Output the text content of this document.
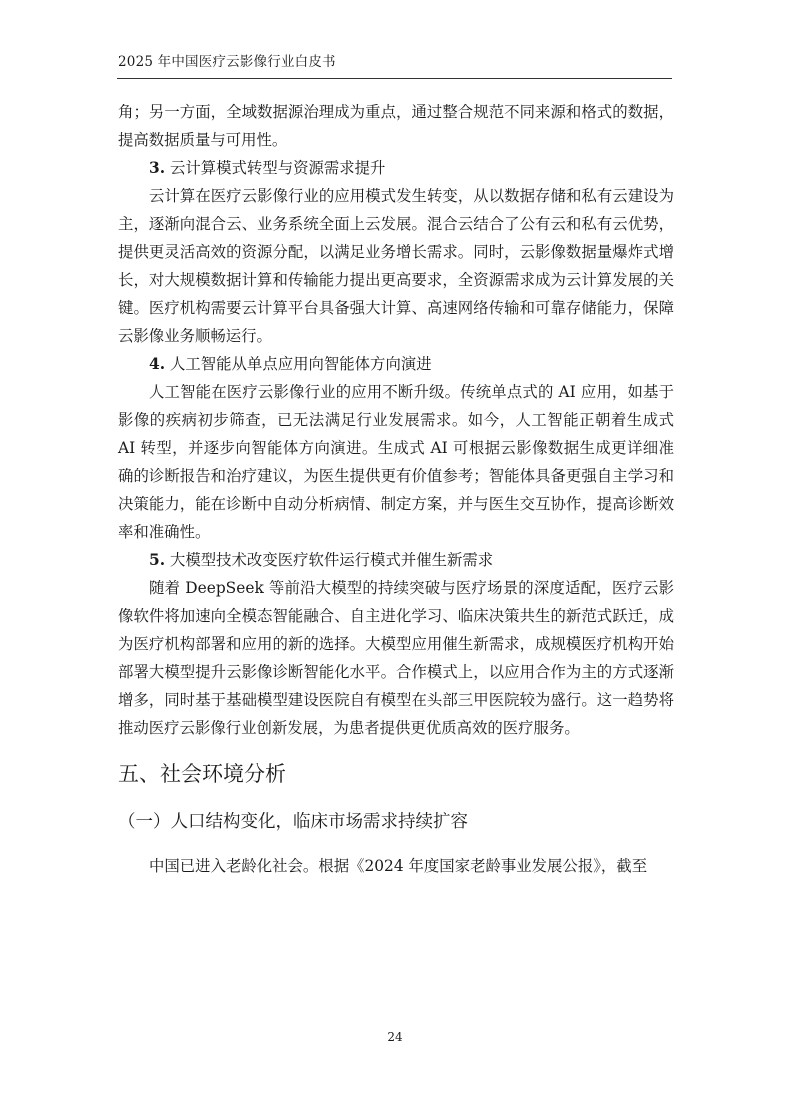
2025 年中国医疗云影像行业白皮书

角；另一方面，全域数据源治理成为重点，通过整合规范不同来源和格式的数据，提高数据质量与可用性。

3. 云计算模式转型与资源需求提升

云计算在医疗云影像行业的应用模式发生转变，从以数据存储和私有云建设为主，逐渐向混合云、业务系统全面上云发展。混合云结合了公有云和私有云优势，提供更灵活高效的资源分配，以满足业务增长需求。同时，云影像数据量爆炸式增长，对大规模数据计算和传输能力提出更高要求，全资源需求成为云计算发展的关键。医疗机构需要云计算平台具备强大计算、高速网络传输和可靠存储能力，保障云影像业务顺畅运行。

4. 人工智能从单点应用向智能体方向演进

人工智能在医疗云影像行业的应用不断升级。传统单点式的 AI 应用，如基于影像的疾病初步筛查，已无法满足行业发展需求。如今，人工智能正朝着生成式 AI 转型，并逐步向智能体方向演进。生成式 AI 可根据云影像数据生成更详细准确的诊断报告和治疗建议，为医生提供更有价值参考；智能体具备更强自主学习和决策能力，能在诊断中自动分析病情、制定方案，并与医生交互协作，提高诊断效率和准确性。

5. 大模型技术改变医疗软件运行模式并催生新需求

随着 DeepSeek 等前沿大模型的持续突破与医疗场景的深度适配，医疗云影像软件将加速向全模态智能融合、自主进化学习、临床决策共生的新范式跃迁，成为医疗机构部署和应用的新的选择。大模型应用催生新需求，成规模医疗机构开始部署大模型提升云影像诊断智能化水平。合作模式上，以应用合作为主的方式逐渐增多，同时基于基础模型建设医院自有模型在头部三甲医院较为盛行。这一趋势将推动医疗云影像行业创新发展，为患者提供更优质高效的医疗服务。

五、社会环境分析
（一）人口结构变化，临床市场需求持续扩容

中国已进入老龄化社会。根据《2024 年度国家老龄事业发展公报》，截至

24
